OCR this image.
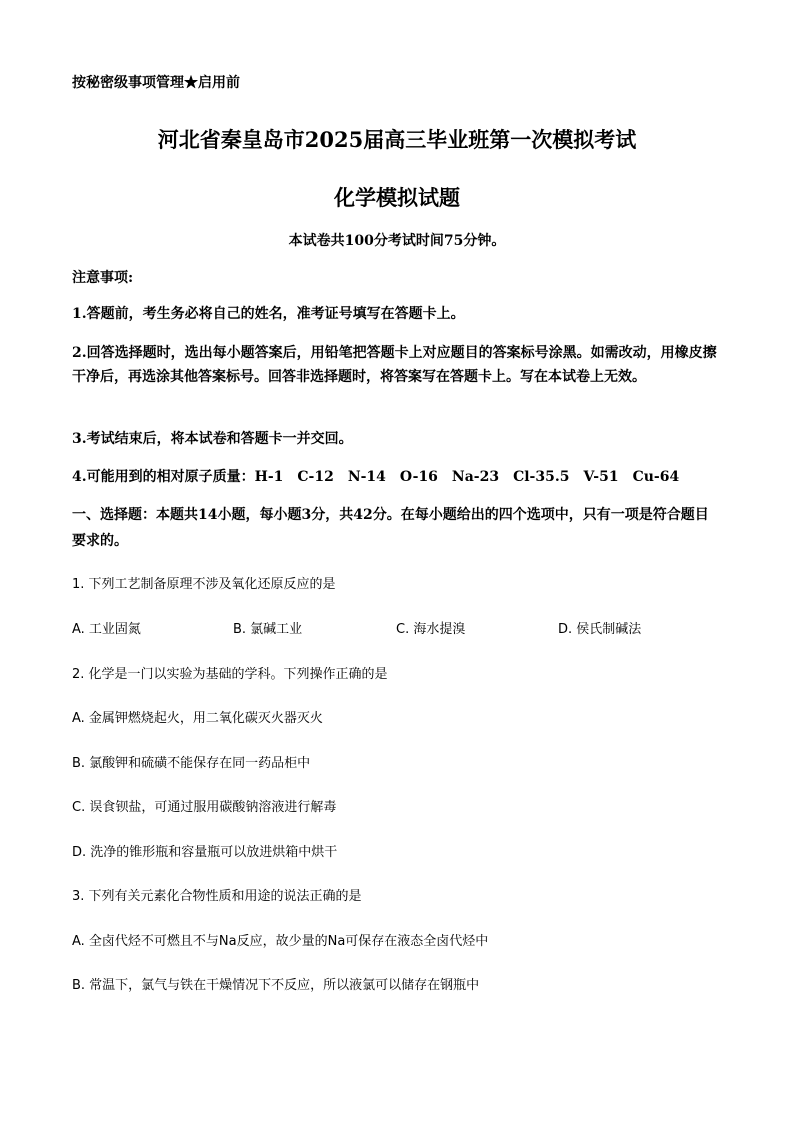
按秘密级事项管理★启用前
河北省秦皇岛市2025届高三毕业班第一次模拟考试
化学模拟试题
本试卷共100分考试时间75分钟。
注意事项:
1.答题前，考生务必将自己的姓名，准考证号填写在答题卡上。
2.回答选择题时，选出每小题答案后，用铅笔把答题卡上对应题目的答案标号涂黑。如需改动，用橡皮擦干净后，再选涂其他答案标号。回答非选择题时，将答案写在答题卡上。写在本试卷上无效。
3.考试结束后，将本试卷和答题卡一并交回。
4.可能用到的相对原子质量：H-1　C-12　N-14　O-16　Na-23　Cl-35.5　V-51　Cu-64
一、选择题：本题共14小题，每小题3分，共42分。在每小题给出的四个选项中，只有一项是符合题目要求的。
1. 下列工艺制备原理不涉及氧化还原反应的是
A. 工业固氮	B. 氯碱工业	C. 海水提溴	D. 侯氏制碱法
2. 化学是一门以实验为基础的学科。下列操作正确的是
A. 金属钾燃烧起火，用二氧化碳灭火器灭火
B. 氯酸钾和硫磺不能保存在同一药品柜中
C. 误食钡盐，可通过服用碳酸钠溶液进行解毒
D. 洗净的锥形瓶和容量瓶可以放进烘箱中烘干
3. 下列有关元素化合物性质和用途的说法正确的是
A. 全卤代烃不可燃且不与Na反应，故少量的Na可保存在液态全卤代烃中
B. 常温下，氯气与铁在干燥情况下不反应，所以液氯可以储存在钢瓶中
